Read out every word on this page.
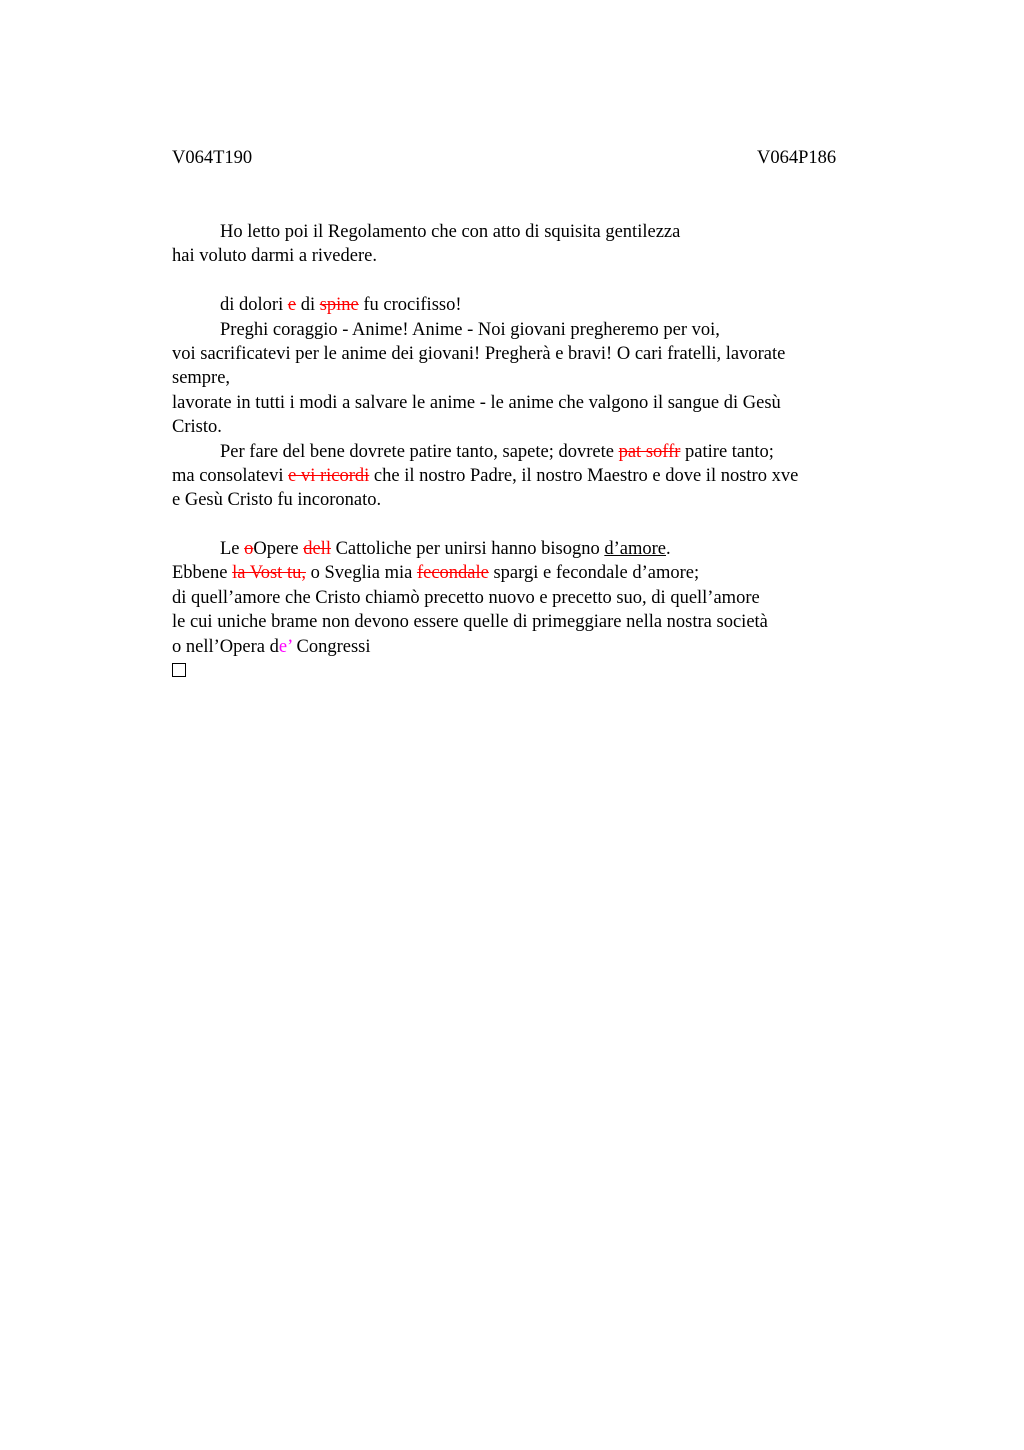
V064T190	V064P186
Ho letto poi il Regolamento che con atto di squisita gentilezza
hai voluto darmi a rivedere.
di dolori e di spine fu crocifisso!
Preghi coraggio - Anime! Anime - Noi giovani pregheremo per voi,
voi sacrificatevi per le anime dei giovani! Pregherà e bravi! O cari fratelli, lavorate
sempre,
lavorate in tutti i modi a salvare le anime - le anime che valgono il sangue di Gesù
Cristo.
Per fare del bene dovrete patire tanto, sapete; dovrete pat soffr patire tanto;
ma consolatevi e vi ricordi che il nostro Padre, il nostro Maestro e dove il nostro xve
e Gesù Cristo fu incoronato.
Le oOpere dell Cattoliche per unirsi hanno bisogno d’amore.
Ebbene la Vost tu, o Sveglia mia fecondale spargi e fecondale d’amore;
di quell’amore che Cristo chiamò precetto nuovo e precetto suo, di quell’amore
le cui uniche brame non devono essere quelle di primeggiare nella nostra società
o nell’Opera de’ Congressi
